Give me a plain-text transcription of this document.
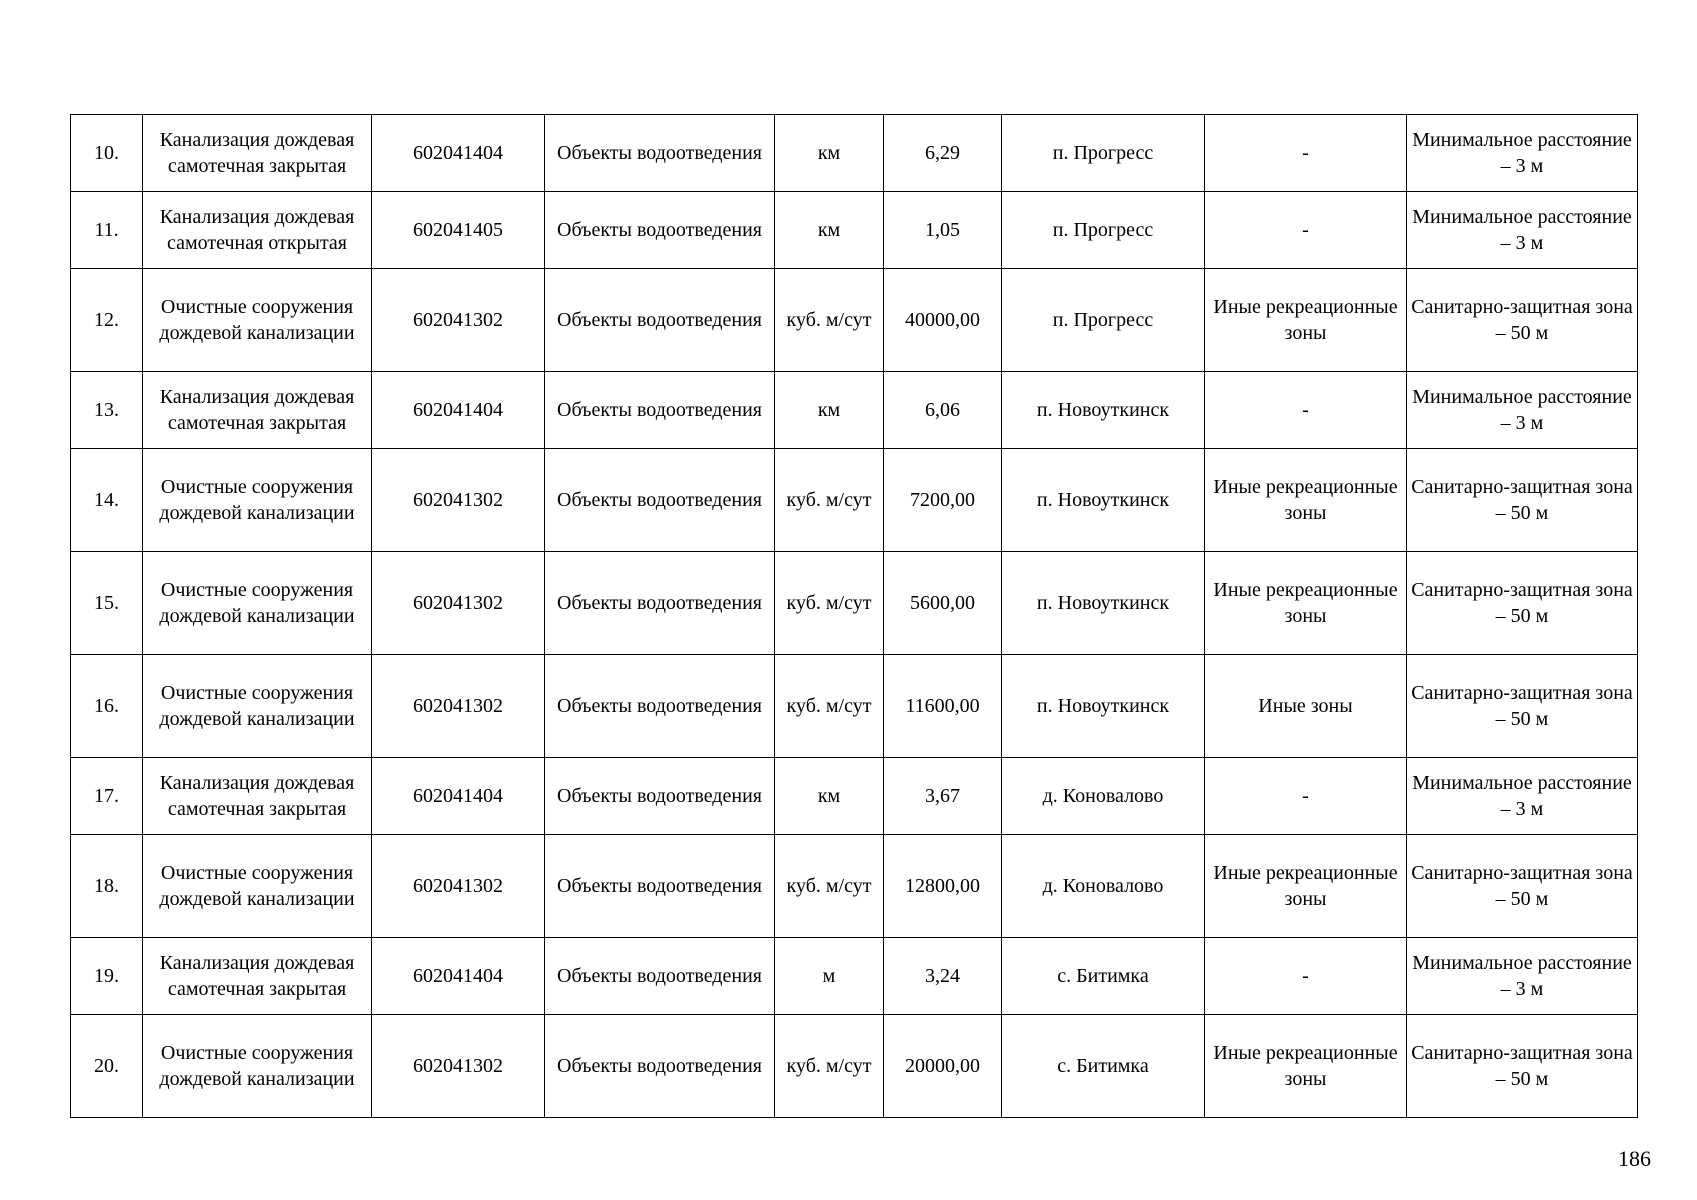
10.	Канализация дождевая самотечная закрытая	602041404	Объекты водоотведения	км	6,29	п. Прогресс	-	Минимальное расстояние – 3 м
11.	Канализация дождевая самотечная открытая	602041405	Объекты водоотведения	км	1,05	п. Прогресс	-	Минимальное расстояние – 3 м
12.	Очистные сооружения дождевой канализации	602041302	Объекты водоотведения	куб. м/сут	40000,00	п. Прогресс	Иные рекреационные зоны	Санитарно-защитная зона – 50 м
13.	Канализация дождевая самотечная закрытая	602041404	Объекты водоотведения	км	6,06	п. Новоуткинск	-	Минимальное расстояние – 3 м
14.	Очистные сооружения дождевой канализации	602041302	Объекты водоотведения	куб. м/сут	7200,00	п. Новоуткинск	Иные рекреационные зоны	Санитарно-защитная зона – 50 м
15.	Очистные сооружения дождевой канализации	602041302	Объекты водоотведения	куб. м/сут	5600,00	п. Новоуткинск	Иные рекреационные зоны	Санитарно-защитная зона – 50 м
16.	Очистные сооружения дождевой канализации	602041302	Объекты водоотведения	куб. м/сут	11600,00	п. Новоуткинск	Иные зоны	Санитарно-защитная зона – 50 м
17.	Канализация дождевая самотечная закрытая	602041404	Объекты водоотведения	км	3,67	д. Коновалово	-	Минимальное расстояние – 3 м
18.	Очистные сооружения дождевой канализации	602041302	Объекты водоотведения	куб. м/сут	12800,00	д. Коновалово	Иные рекреационные зоны	Санитарно-защитная зона – 50 м
19.	Канализация дождевая самотечная закрытая	602041404	Объекты водоотведения	м	3,24	с. Битимка	-	Минимальное расстояние – 3 м
20.	Очистные сооружения дождевой канализации	602041302	Объекты водоотведения	куб. м/сут	20000,00	с. Битимка	Иные рекреационные зоны	Санитарно-защитная зона – 50 м
186
